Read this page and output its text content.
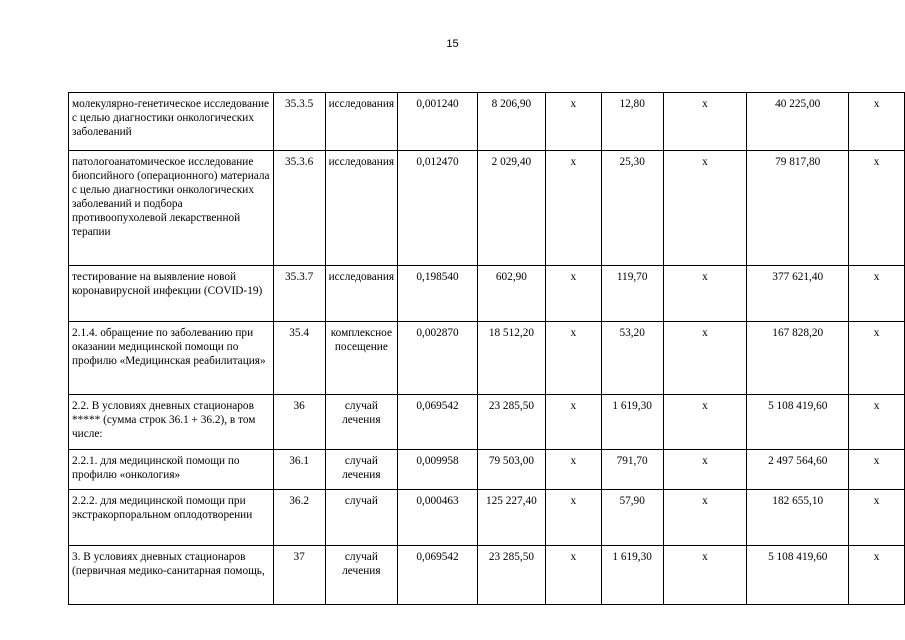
15
молекулярно-генетическое исследование с целью диагностики онкологических заболеваний	35.3.5	исследования	0,001240	8 206,90	x	12,80	x	40 225,00	x
патологоанатомическое исследование биопсийного (операционного) материала с целью диагностики онкологических заболеваний и подбора противоопухолевой лекарственной терапии	35.3.6	исследования	0,012470	2 029,40	x	25,30	x	79 817,80	x
тестирование на выявление новой коронавирусной инфекции (COVID-19)	35.3.7	исследования	0,198540	602,90	x	119,70	x	377 621,40	x
2.1.4. обращение по заболеванию при оказании медицинской помощи по профилю «Медицинская реабилитация»	35.4	комплексное посещение	0,002870	18 512,20	x	53,20	x	167 828,20	x
2.2. В условиях дневных стационаров ***** (сумма строк 36.1 + 36.2), в том числе:	36	случай лечения	0,069542	23 285,50	x	1 619,30	x	5 108 419,60	x
2.2.1. для медицинской помощи по профилю «онкология»	36.1	случай лечения	0,009958	79 503,00	x	791,70	x	2 497 564,60	x
2.2.2. для медицинской помощи при экстракорпоральном оплодотворении	36.2	случай	0,000463	125 227,40	x	57,90	x	182 655,10	x
3. В условиях дневных стационаров (первичная медико-санитарная помощь,	37	случай лечения	0,069542	23 285,50	x	1 619,30	x	5 108 419,60	x
